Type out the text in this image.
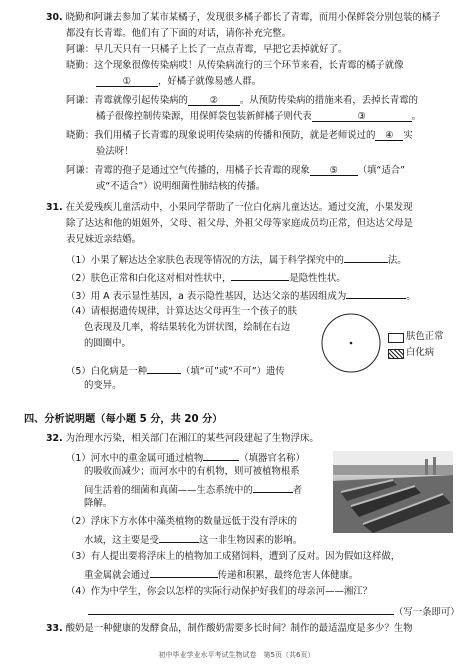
30. 晓勤和阿谦去参加了某市某橘子，发现很多橘子都长了青霉，而用小保鲜袋分别包装的橘子
都没有长青霉。他们有了下面的对话，请你补充完整。
阿谦：早几天只有一只橘子上长了一点点青霉，早把它丢掉就好了。
晓勤：这个现象很像传染病哎！从传染病流行的三个环节来看，长青霉的橘子就像
①	，好橘子就像易感人群。
阿谦：青霉就像引起传染病的 ② 。从预防传染病的措施来看，丢掉长青霉的
橘子很像控制传染源，用保鲜袋包装新鲜橘子则代表	③	。
晓勤：我们用橘子长青霉的现象说明传染病的传播和预防，就是老师说过的 ④ 实
验法呀！
阿谦：青霉的孢子是通过空气传播的，用橘子长青霉的现象 ⑤ （填“适合”
或“不适合”）说明细菌性肺结核的传播。
31. 在关爱残疾儿童活动中，小果同学帮助了一位白化病儿童达达。通过交流，小果发现
除了达达和他的姐姐外，父母、祖父母、外祖父母等家庭成员均正常，但达达父母是
表兄妹近亲结婚。
（1）小果了解达达全家肤色表现等情况的方法，属于科学探究中的	法。
（2）肤色正常和白化这对相对性状中，	是隐性性状。
（3）用 A 表示显性基因，a 表示隐性基因，达达父亲的基因组成为	。
（4）请根据遗传规律，计算达达父母再生一个孩子的肤
色表现及几率，将结果转化为饼状图，绘制在右边
的圆圈中。
肤色正常
白化病
（5）白化病是一种	（填“可”或“不可”）遗传
的变异。
四、分析说明题（每小题 5 分，共 20 分）
32. 为治理水污染，相关部门在湘江的某些河段建起了生物浮床。
（1）河水中的重金属可通过植物	（填器官名称）
的吸收而减少；而河水中的有机物，则可被植物根系
间生活着的细菌和真菌——生态系统中的	者
降解。
（2）浮床下方水体中藻类植物的数量远低于没有浮床的
水域，这主要是受	这一非生物因素的影响。
（3）有人提出要将浮床上的植物加工成猪饲料，遭到了反对。因为假如这样做，
重金属就会通过	传递和积累，最终危害人体健康。
（4）作为中学生，你会以怎样的实际行动保护好我们的母亲河——湘江？
（写一条即可）
33. 酸奶是一种健康的发酵食品，制作酸奶需要多长时间？制作的最适温度是多少？生物
初中毕业学业水平考试生物试卷　第5页（共6页）
